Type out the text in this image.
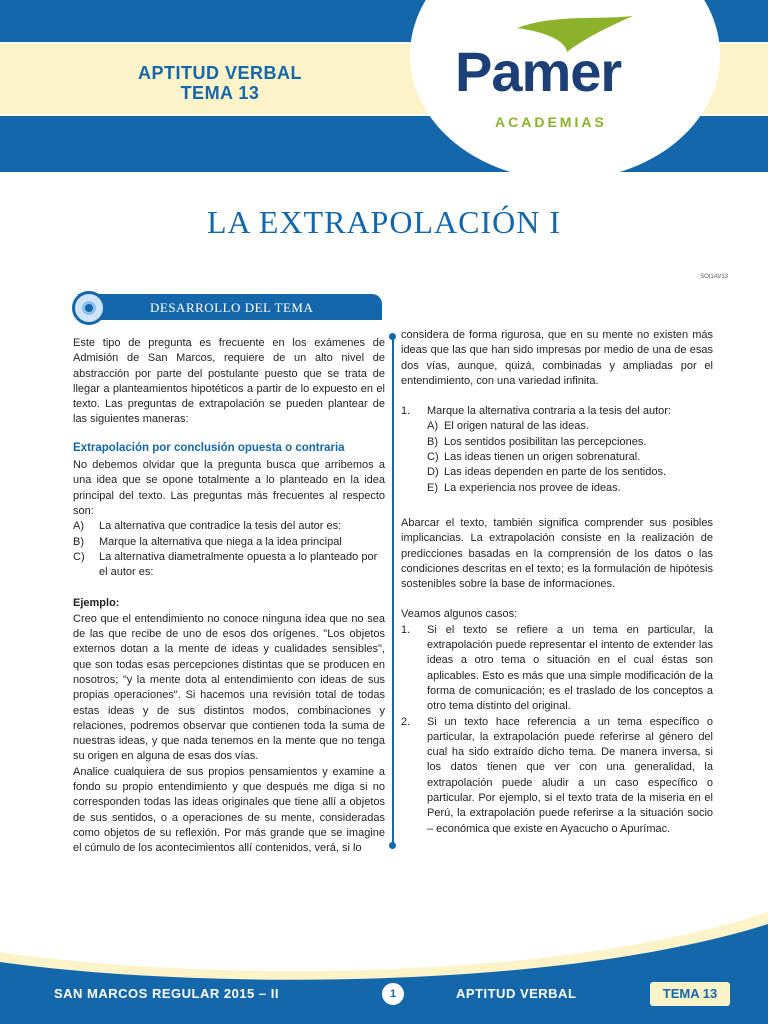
APTITUD VERBAL
TEMA 13	Pamer
ACADEMIAS
LA EXTRAPOLACIÓN I
SOI1AV13
DESARROLLO DEL TEMA

Este tipo de pregunta es frecuente en los exámenes de Admisión de San Marcos, requiere de un alto nivel de abstracción por parte del postulante puesto que se trata de llegar a planteamientos hipotéticos a partir de lo expuesto en el texto. Las preguntas de extrapolación se pueden plantear de las siguientes maneras:

Extrapolación por conclusión opuesta o contraria

No debemos olvidar que la pregunta busca que arribemos a una idea que se opone totalmente a lo planteado en la idea principal del texto. Las preguntas más frecuentes al respecto son:

A)	La alternativa que contradice la tesis del autor es:
B)	Marque la alternativa que niega a la idea principal
C)	La alternativa diametralmente opuesta a lo planteado por el autor es:

Ejemplo:

Creo que el entendimiento no conoce ninguna idea que no sea de las que recibe de uno de esos dos orígenes. "Los objetos externos dotan a la mente de ideas y cualidades sensibles", que son todas esas percepciones distintas que se producen en nosotros; "y la mente dota al entendimiento con ideas de sus propias operaciones". Si hacemos una revisión total de todas estas ideas y de sus distintos modos, combinaciones y relaciones, podremos observar que contienen toda la suma de nuestras ideas, y que nada tenemos en la mente que no tenga su origen en alguna de esas dos vías.

Analice cualquiera de sus propios pensamientos y examine a fondo su propio entendimiento y que después me diga si no corresponden todas las ideas originales que tiene allí a objetos de sus sentidos, o a operaciones de su mente, consideradas como objetos de su reflexión. Por más grande que se imagine el cúmulo de los acontecimientos allí contenidos, verá, si lo

considera de forma rigurosa, que en su mente no existen más ideas que las que han sido impresas por medio de una de esas dos vías, aunque, quizá, combinadas y ampliadas por el entendimiento, con una variedad infinita.

1.	Marque la alternativa contraria a la tesis del autor:
A) El origen natural de las ideas.
B) Los sentidos posibilitan las percepciones.
C) Las ideas tienen un origen sobrenatural.
D) Las ideas dependen en parte de los sentidos.
E) La experiencia nos provee de ideas.

Abarcar el texto, también significa comprender sus posibles implicancias. La extrapolación consiste en la realización de predicciones basadas en la comprensión de los datos o las condiciones descritas en el texto; es la formulación de hipótesis sostenibles sobre la base de informaciones.

Veamos algunos casos:

1.	Si el texto se refiere a un tema en particular, la extrapolación puede representar el intento de extender las ideas a otro tema o situación en el cual éstas son aplicables. Esto es más que una simple modificación de la forma de comunicación; es el traslado de los conceptos a otro tema distinto del original.
2.	Si un texto hace referencia a un tema específico o particular, la extrapolación puede referirse al género del cual ha sido extraído dicho tema. De manera inversa, si los datos tienen que ver con una generalidad, la extrapolación puede aludir a un caso específico o particular. Por ejemplo, si el texto trata de la miseria en el Perú, la extrapolación puede referirse a la situación socio – económica que existe en Ayacucho o Apurímac.
SAN MARCOS REGULAR 2015 – II	1	APTITUD VERBAL	TEMA 13
